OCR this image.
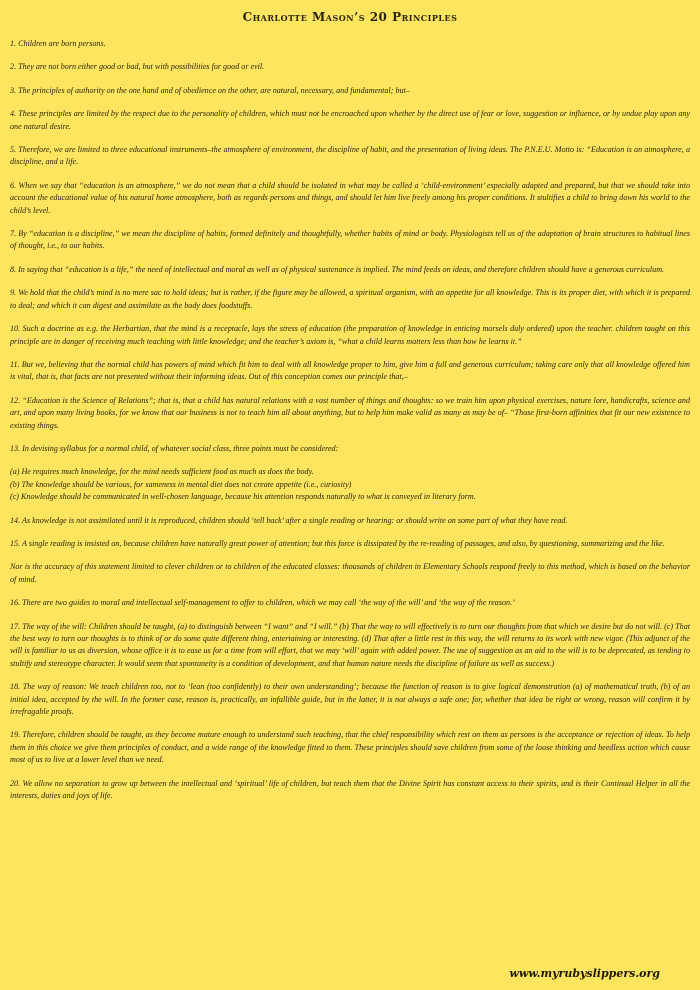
Charlotte Mason’s 20 Principles

1. Children are born persons.

2. They are not born either good or bad, but with possibilities for good or evil.

3. The principles of authority on the one hand and of obedience on the other, are natural, necessary, and fundamental; but–

4. These principles are limited by the respect due to the personality of children, which must not be encroached upon whether by the direct use of fear or love, suggestion or influence, or by undue play upon any one natural desire.

5. Therefore, we are limited to three educational instruments–the atmosphere of environment, the discipline of habit, and the presentation of living ideas. The P.N.E.U. Motto is: “Education is an atmosphere, a discipline, and a life.

6. When we say that “education is an atmosphere,” we do not mean that a child should be isolated in what may be called a ‘child-environment’ especially adapted and prepared, but that we should take into account the educational value of his natural home atmosphere, both as regards persons and things, and should let him live freely among his proper conditions. It stultifies a child to bring down his world to the child’s level.

7. By “education is a discipline,” we mean the discipline of habits, formed definitely and thoughtfully, whether habits of mind or body. Physiologists tell us of the adaptation of brain structures to habitual lines of thought, i.e., to our habits.

8. In saying that “education is a life,” the need of intellectual and moral as well as of physical sustenance is implied. The mind feeds on ideas, and therefore children should have a generous curriculum.

9. We hold that the child’s mind is no mere sac to hold ideas; but is rather, if the figure may be allowed, a spiritual organism, with an appetite for all knowledge. This is its proper diet, with which it is prepared to deal; and which it can digest and assimilate as the body does foodstuffs.

10. Such a doctrine as e.g. the Herbartian, that the mind is a receptacle, lays the stress of education (the preparation of knowledge in enticing morsels duly ordered) upon the teacher. children taught on this principle are in danger of receiving much teaching with little knowledge; and the teacher’s axiom is, “what a child learns matters less than how he learns it.”

11. But we, believing that the normal child has powers of mind which fit him to deal with all knowledge proper to him, give him a full and generous curriculum; taking care only that all knowledge offered him is vital, that is, that facts are not presented without their informing ideas. Out of this conception comes our principle that,–

12. “Education is the Science of Relations”; that is, that a child has natural relations with a vast number of things and thoughts: so we train him upon physical exercises, nature lore, handicrafts, science and art, and upon many living books, for we know that our business is not to teach him all about anything, but to help him make valid as many as may be of– “Those first-born affinities that fit our new existence to existing things.

13. In devising syllabus for a normal child, of whatever social class, three points must be considered:

(a) He requires much knowledge, for the mind needs sufficient food as much as does the body.

(b) The knowledge should be various, for sameness in mental diet does not create appetite (i.e., curiosity)

(c) Knowledge should be communicated in well-chosen language, because his attention responds naturally to what is conveyed in literary form.

14. As knowledge is not assimilated until it is reproduced, children should ‘tell back’ after a single reading or hearing: or should write on some part of what they have read.

15. A single reading is insisted on, because children have naturally great power of attention; but this force is dissipated by the re-reading of passages, and also, by questioning, summarizing and the like.

Nor is the accuracy of this statement limited to clever children or to children of the educated classes: thousands of children in Elementary Schools respond freely to this method, which is based on the behavior of mind.

16. There are two guides to moral and intellectual self-management to offer to children, which we may call ‘the way of the will’ and ‘the way of the reason.’

17. The way of the will: Children should be taught, (a) to distinguish between “I want” and “I will.” (b) That the way to will effectively is to turn our thoughts from that which we desire but do not will. (c) That the best way to turn our thoughts is to think of or do some quite different thing, entertaining or interesting. (d) That after a little rest in this way, the will returns to its work with new vigor. (This adjunct of the will is familiar to us as diversion, whose office it is to ease us for a time from will effort, that we may ‘will’ again with added power. The use of suggestion as an aid to the will is to be deprecated, as tending to stultify and stereotype character. It would seem that spontaneity is a condition of development, and that human nature needs the discipline of failure as well as success.)

18. The way of reason: We teach children too, not to ‘lean (too confidently) to their own understanding’; because the function of reason is to give logical demonstration (a) of mathematical truth, (b) of an initial idea, accepted by the will. In the former case, reason is, practically, an infallible guide, but in the latter, it is not always a safe one; for, whether that idea be right or wrong, reason will confirm it by irrefragable proofs.

19. Therefore, children should be taught, as they become mature enough to understand such teaching, that the chief responsibility which rest on them as persons is the acceptance or rejection of ideas. To help them in this choice we give them principles of conduct, and a wide range of the knowledge fitted to them. These principles should save children from some of the loose thinking and heedless action which cause most of us to live at a lower level than we need.

20. We allow no separation to grow up between the intellectual and ‘spiritual’ life of children, but teach them that the Divine Spirit has constant access to their spirits, and is their Continual Helper in all the interests, duties and joys of life.

www.myrubyslippers.org
